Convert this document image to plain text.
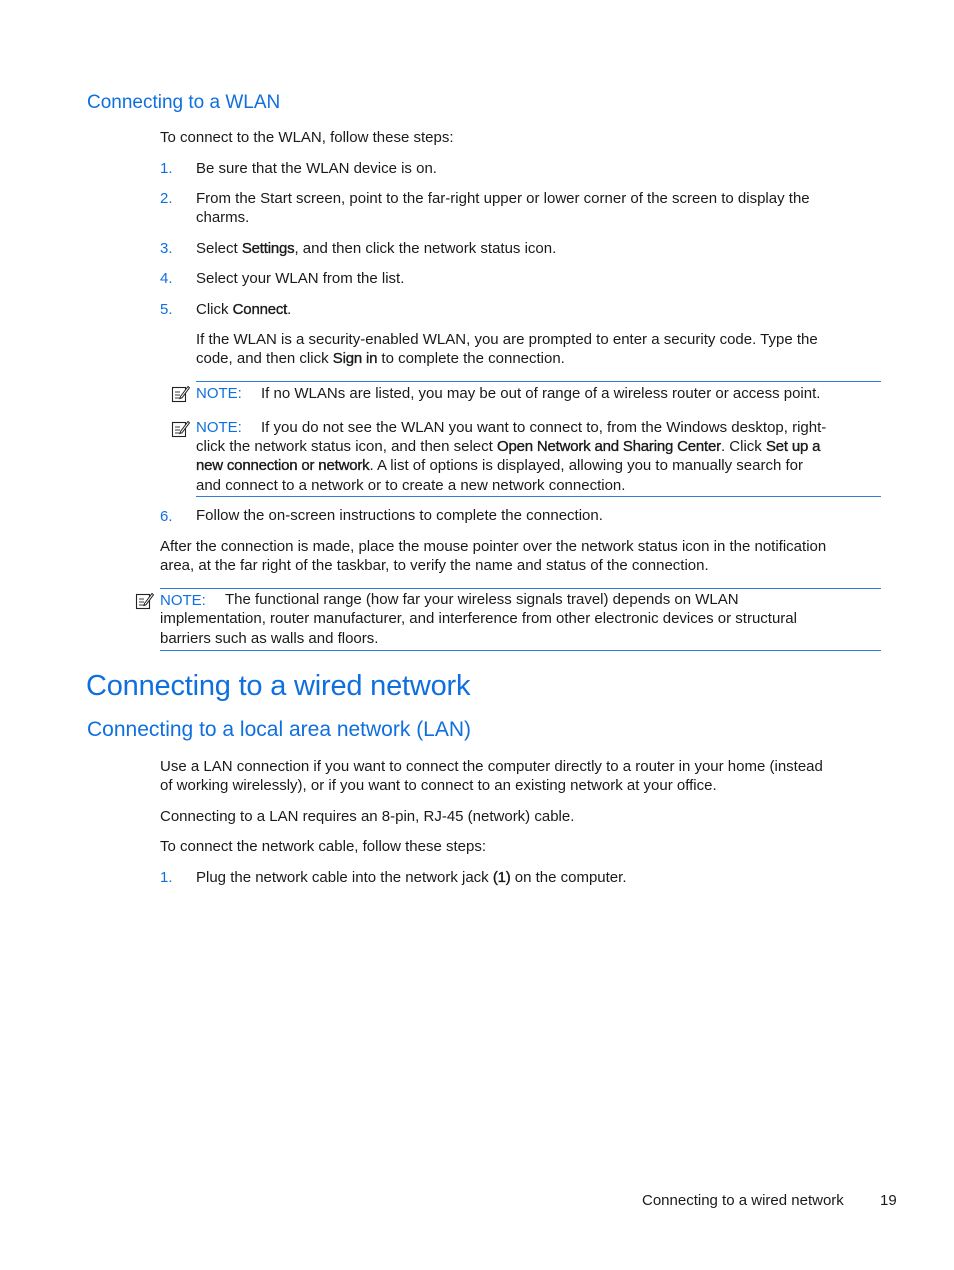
Connecting to a WLAN
To connect to the WLAN, follow these steps:
1. Be sure that the WLAN device is on.
2. From the Start screen, point to the far-right upper or lower corner of the screen to display the
charms.
3. Select Settings, and then click the network status icon.
4. Select your WLAN from the list.
5. Click Connect.
If the WLAN is a security-enabled WLAN, you are prompted to enter a security code. Type the
code, and then click Sign in to complete the connection.
NOTE: If no WLANs are listed, you may be out of range of a wireless router or access point.
NOTE: If you do not see the WLAN you want to connect to, from the Windows desktop, right-
click the network status icon, and then select Open Network and Sharing Center. Click Set up a
new connection or network. A list of options is displayed, allowing you to manually search for
and connect to a network or to create a new network connection.
6. Follow the on-screen instructions to complete the connection.
After the connection is made, place the mouse pointer over the network status icon in the notification
area, at the far right of the taskbar, to verify the name and status of the connection.
NOTE: The functional range (how far your wireless signals travel) depends on WLAN
implementation, router manufacturer, and interference from other electronic devices or structural
barriers such as walls and floors.
Connecting to a wired network
Connecting to a local area network (LAN)
Use a LAN connection if you want to connect the computer directly to a router in your home (instead
of working wirelessly), or if you want to connect to an existing network at your office.
Connecting to a LAN requires an 8-pin, RJ-45 (network) cable.
To connect the network cable, follow these steps:
1. Plug the network cable into the network jack (1) on the computer.
Connecting to a wired network 19
